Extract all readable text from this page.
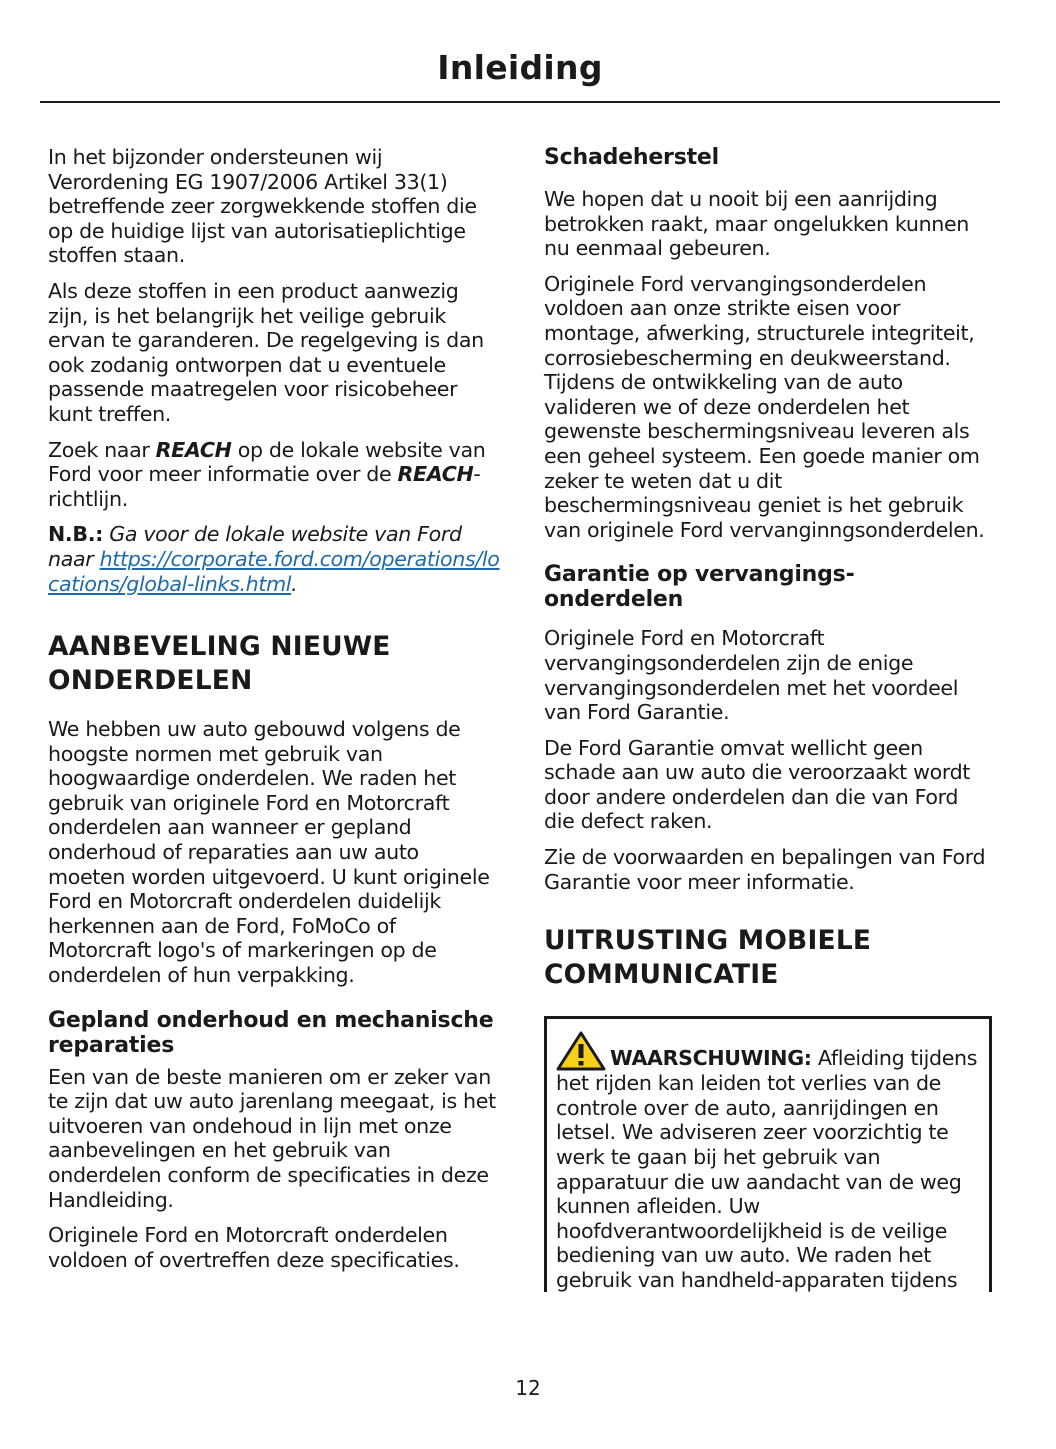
Inleiding

In het bijzonder ondersteunen wij Verordening EG 1907/2006 Artikel 33(1) betreffende zeer zorgwekkende stoffen die op de huidige lijst van autorisatieplichtige stoffen staan.

Als deze stoffen in een product aanwezig zijn, is het belangrijk het veilige gebruik ervan te garanderen. De regelgeving is dan ook zodanig ontworpen dat u eventuele passende maatregelen voor risicobeheer kunt treffen.

Zoek naar REACH op de lokale website van Ford voor meer informatie over de REACH-richtlijn.

N.B.: Ga voor de lokale website van Ford naar https://corporate.ford.com/operations/locations/global-links.html.

AANBEVELING NIEUWE ONDERDELEN

We hebben uw auto gebouwd volgens de hoogste normen met gebruik van hoogwaardige onderdelen. We raden het gebruik van originele Ford en Motorcraft onderdelen aan wanneer er gepland onderhoud of reparaties aan uw auto moeten worden uitgevoerd. U kunt originele Ford en Motorcraft onderdelen duidelijk herkennen aan de Ford, FoMoCo of Motorcraft logo's of markeringen op de onderdelen of hun verpakking.

Gepland onderhoud en mechanische reparaties

Een van de beste manieren om er zeker van te zijn dat uw auto jarenlang meegaat, is het uitvoeren van ondehoud in lijn met onze aanbevelingen en het gebruik van onderdelen conform de specificaties in deze Handleiding.

Originele Ford en Motorcraft onderdelen voldoen of overtreffen deze specificaties.

Schadeherstel

We hopen dat u nooit bij een aanrijding betrokken raakt, maar ongelukken kunnen nu eenmaal gebeuren.

Originele Ford vervangingsonderdelen voldoen aan onze strikte eisen voor montage, afwerking, structurele integriteit, corrosiebescherming en deukweerstand. Tijdens de ontwikkeling van de auto valideren we of deze onderdelen het gewenste beschermingsniveau leveren als een geheel systeem. Een goede manier om zeker te weten dat u dit beschermingsniveau geniet is het gebruik van originele Ford vervanginngsonderdelen.

Garantie op vervangings-onderdelen

Originele Ford en Motorcraft vervangingsonderdelen zijn de enige vervangingsonderdelen met het voordeel van Ford Garantie.

De Ford Garantie omvat wellicht geen schade aan uw auto die veroorzaakt wordt door andere onderdelen dan die van Ford die defect raken.

Zie de voorwaarden en bepalingen van Ford Garantie voor meer informatie.

UITRUSTING MOBIELE COMMUNICATIE

WAARSCHUWING: Afleiding tijdens het rijden kan leiden tot verlies van de controle over de auto, aanrijdingen en letsel. We adviseren zeer voorzichtig te werk te gaan bij het gebruik van apparatuur die uw aandacht van de weg kunnen afleiden. Uw hoofdverantwoordelijkheid is de veilige bediening van uw auto. We raden het gebruik van handheld-apparaten tijdens

12
